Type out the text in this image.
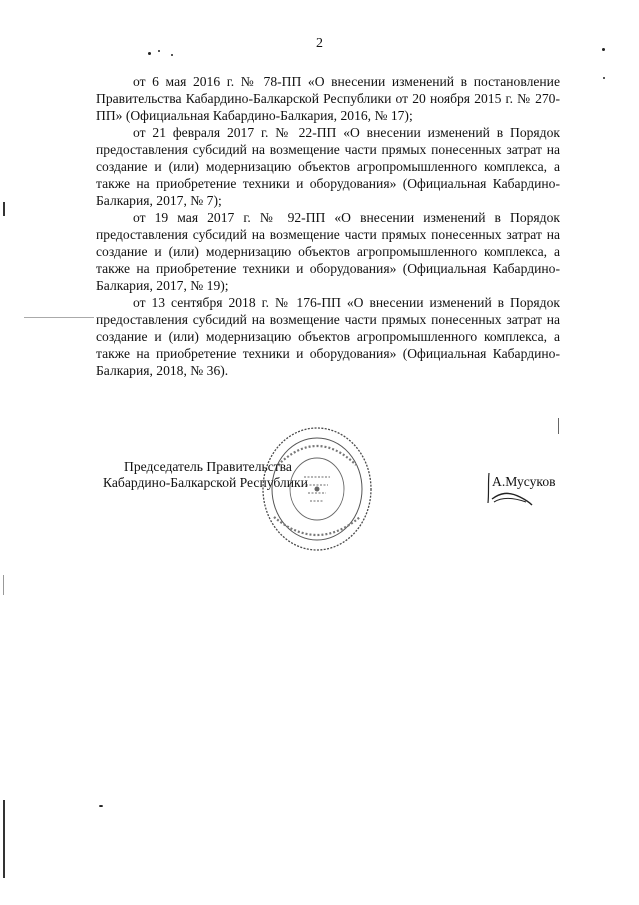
2

от 6 мая 2016 г. № 78-ПП «О внесении изменений в постановление Правительства Кабардино-Балкарской Республики от 20 ноября 2015 г. № 270-ПП» (Официальная Кабардино-Балкария, 2016, № 17);

от 21 февраля 2017 г. № 22-ПП «О внесении изменений в Порядок предоставления субсидий на возмещение части прямых понесенных затрат на создание и (или) модернизацию объектов агропромышленного комплекса, а также на приобретение техники и оборудования» (Официальная Кабардино-Балкария, 2017, № 7);

от 19 мая 2017 г. № 92-ПП «О внесении изменений в Порядок предоставления субсидий на возмещение части прямых понесенных затрат на создание и (или) модернизацию объектов агропромышленного комплекса, а также на приобретение техники и оборудования» (Официальная Кабардино-Балкария, 2017, № 19);

от 13 сентября 2018 г. № 176-ПП «О внесении изменений в Порядок предоставления субсидий на возмещение части прямых понесенных затрат на создание и (или) модернизацию объектов агропромышленного комплекса, а также на приобретение техники и оборудования» (Официальная Кабардино-Балкария, 2018, № 36).

Председатель Правительства
Кабардино-Балкарской Республики	А.Мусуков
